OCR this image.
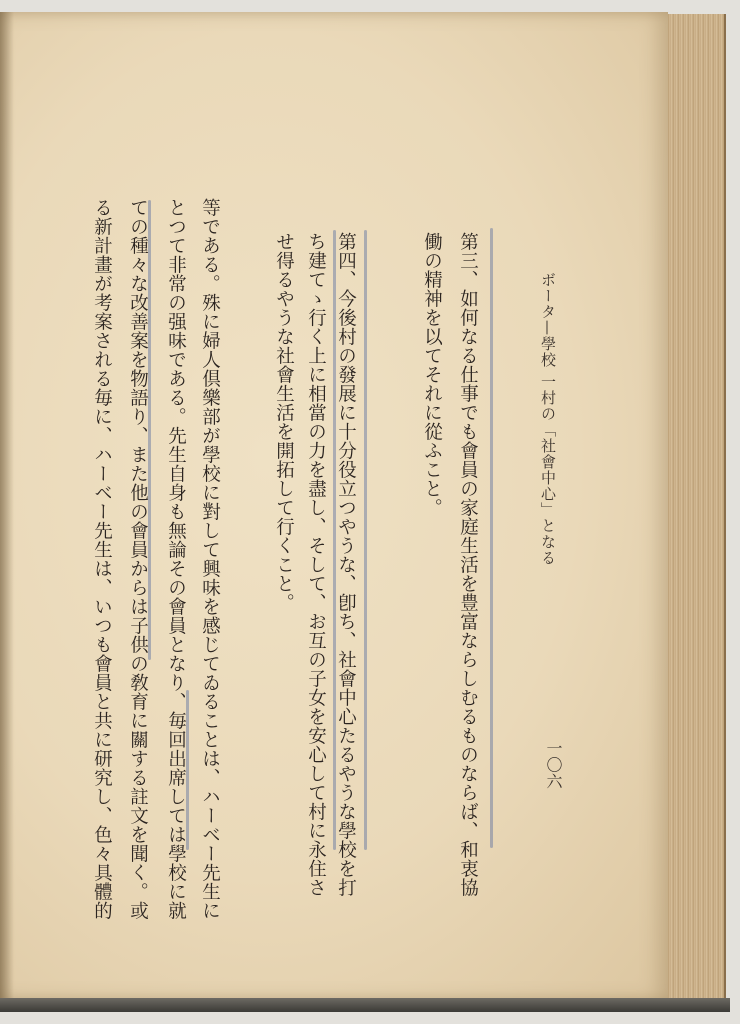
ボータ—學校 一村の「社會中心」となる
一〇六
第三、如何なる仕事でも會員の家庭生活を豊富ならしむるものならば、和衷協
働の精神を以てそれに從ふこと。
第四、今後村の發展に十分役立つやうな、卽ち、社會中心たるやうな學校を打
ち建てゝ行く上に相當の力を盡し、そして、お互の子女を安心して村に永住さ
せ得るやうな社會生活を開拓して行くこと。
等である。殊に婦人倶樂部が學校に對して興味を感じてゐることは、ハーベー先生に
とつて非常の强味である。先生自身も無論その會員となり、毎回出席しては學校に就
ての種々な改善案を物語り、また他の會員からは子供の敎育に關する註文を聞く。或
る新計畫が考案される毎に、ハーベー先生は、いつも會員と共に研究し、色々具體的
